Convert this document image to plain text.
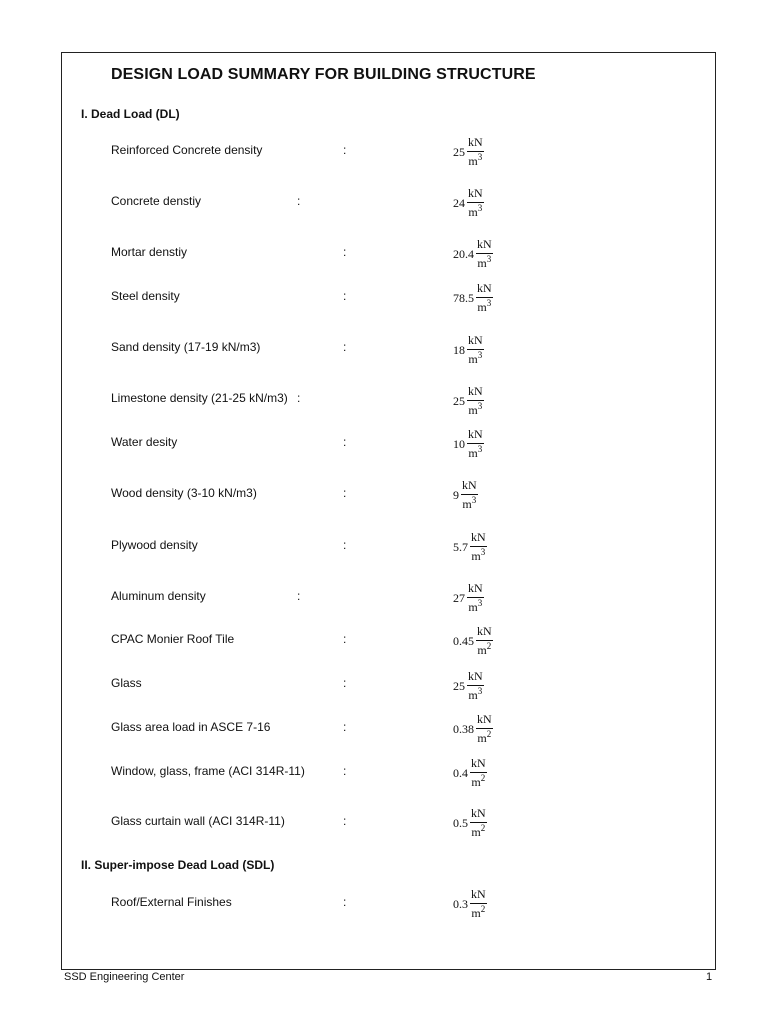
DESIGN LOAD SUMMARY FOR BUILDING STRUCTURE
I. Dead Load (DL)
II. Super-impose Dead Load (SDL)
Reinforced Concrete density	:	$25 \frac{kN}{m^3}$
Concrete denstiy	:	$24 \frac{kN}{m^3}$
Mortar denstiy	:	$20.4 \frac{kN}{m^3}$
Steel density	:	$78.5 \frac{kN}{m^3}$
Sand density (17-19 kN/m3)	:	$18 \frac{kN}{m^3}$
Limestone density (21-25 kN/m3) :	$25 \frac{kN}{m^3}$
Water desity	:	$10 \frac{kN}{m^3}$
Wood density (3-10 kN/m3)	:	$9 \frac{kN}{m^3}$
Plywood density	:	$5.7 \frac{kN}{m^3}$
Aluminum density	:	$27 \frac{kN}{m^3}$
CPAC Monier Roof Tile	:	$0.45 \frac{kN}{m^2}$
Glass	:	$25 \frac{kN}{m^3}$
Glass area load in ASCE 7-16	:	$0.38 \frac{kN}{m^2}$
Window, glass, frame (ACI 314R-11)	:	$0.4 \frac{kN}{m^2}$
Glass curtain wall (ACI 314R-11)	:	$0.5 \frac{kN}{m^2}$
Roof/External Finishes	:	$0.3 \frac{kN}{m^2}$
SSD Engineering Center	1
